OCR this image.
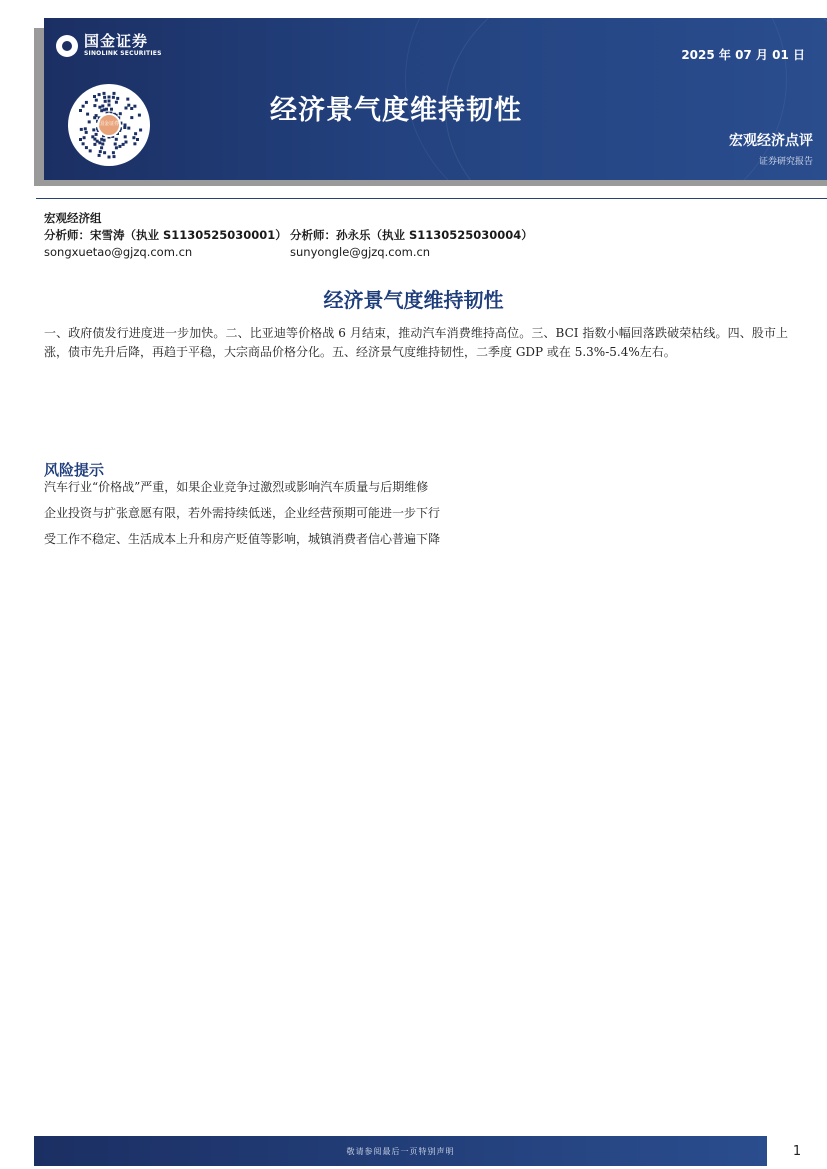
国金证券
SINOLINK SECURITIES
国金证券	经济景气度维持韧性
2025 年 07 月 01 日
宏观经济点评
证券研究报告
宏观经济组
分析师：宋雪涛（执业 S1130525030001） 分析师：孙永乐（执业 S1130525030004）
songxuetao@gjzq.com.cn	sunyongle@gjzq.com.cn
经济景气度维持韧性
一、政府债发行进度进一步加快。二、比亚迪等价格战 6 月结束，推动汽车消费维持高位。三、BCI 指数小幅回落跌破荣枯线。四、股市上涨，债市先升后降，再趋于平稳，大宗商品价格分化。五、经济景气度维持韧性，二季度 GDP 或在 5.3%-5.4%左右。
风险提示
汽车行业“价格战”严重，如果企业竞争过激烈或影响汽车质量与后期维修
企业投资与扩张意愿有限，若外需持续低迷，企业经营预期可能进一步下行
受工作不稳定、生活成本上升和房产贬值等影响，城镇消费者信心普遍下降
敬请参阅最后一页特别声明	1
